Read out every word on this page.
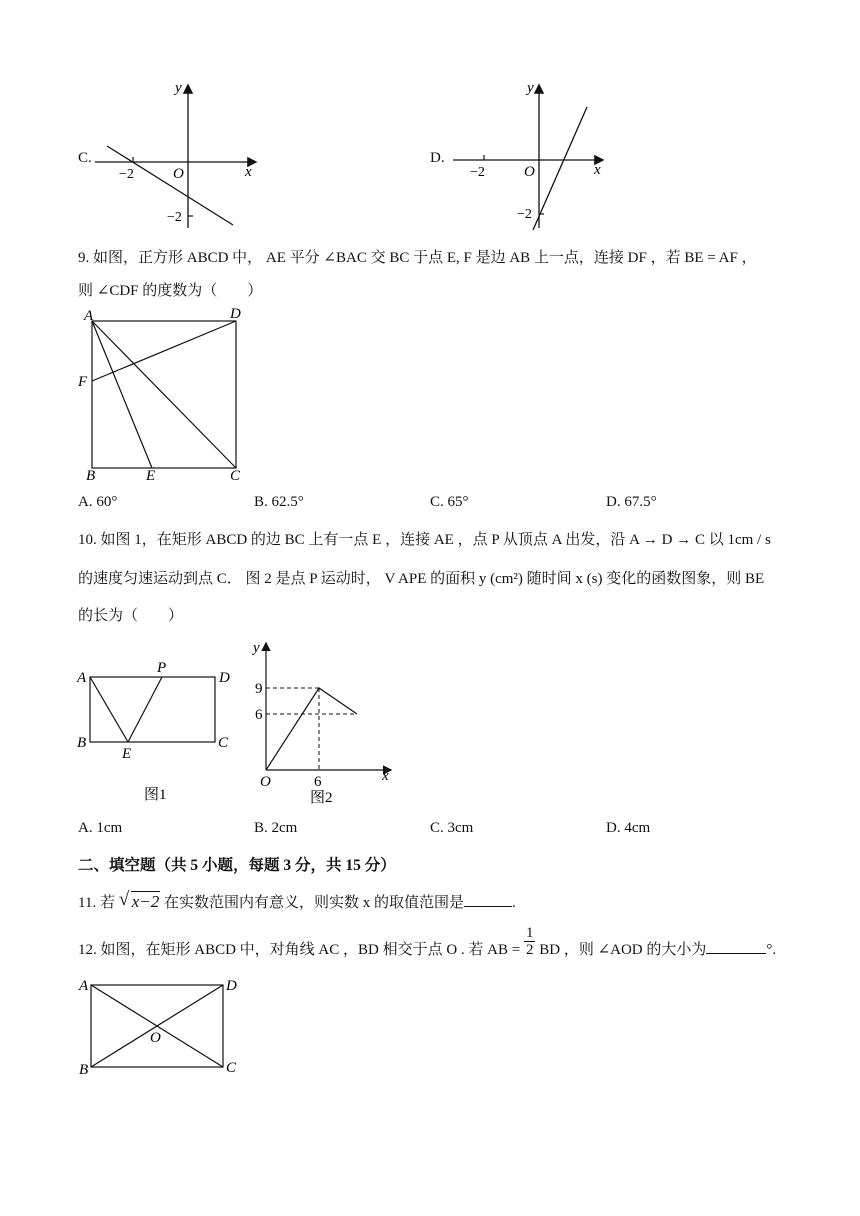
C.
y
x
O
−2
−2
D.
y
x
O
−2
−2
9. 如图，正方形 ABCD 中， AE 平分 ∠BAC 交 BC 于点 E, F 是边 AB 上一点，连接 DF ，若 BE = AF ，
则 ∠CDF 的度数为（　　）
A	D
F
B	E	C
A. 60°	B. 62.5°	C. 65°	D. 67.5°
10. 如图 1，在矩形 ABCD 的边 BC 上有一点 E ，连接 AE ，点 P 从顶点 A 出发，沿 A → D → C 以 1cm / s
的速度匀速运动到点 C． 图 2 是点 P 运动时， V APE 的面积 y (cm²) 随时间 x (s) 变化的函数图象，则 BE
的长为（　　）
A
P
D
B
E
C
图1
y
x
O
9
6
6
图2
A. 1cm	B. 2cm	C. 3cm	D. 4cm
二、填空题（共 5 小题，每题 3 分，共 15 分）
11. 若 √ x−2 在实数范围内有意义，则实数 x 的取值范围是	.
12. 如图，在矩形 ABCD 中，对角线 AC ，BD 相交于点 O . 若 AB = $\frac{1}{2}$ BD ，则 ∠AOD 的大小为	°.
A	D
B	C
O
